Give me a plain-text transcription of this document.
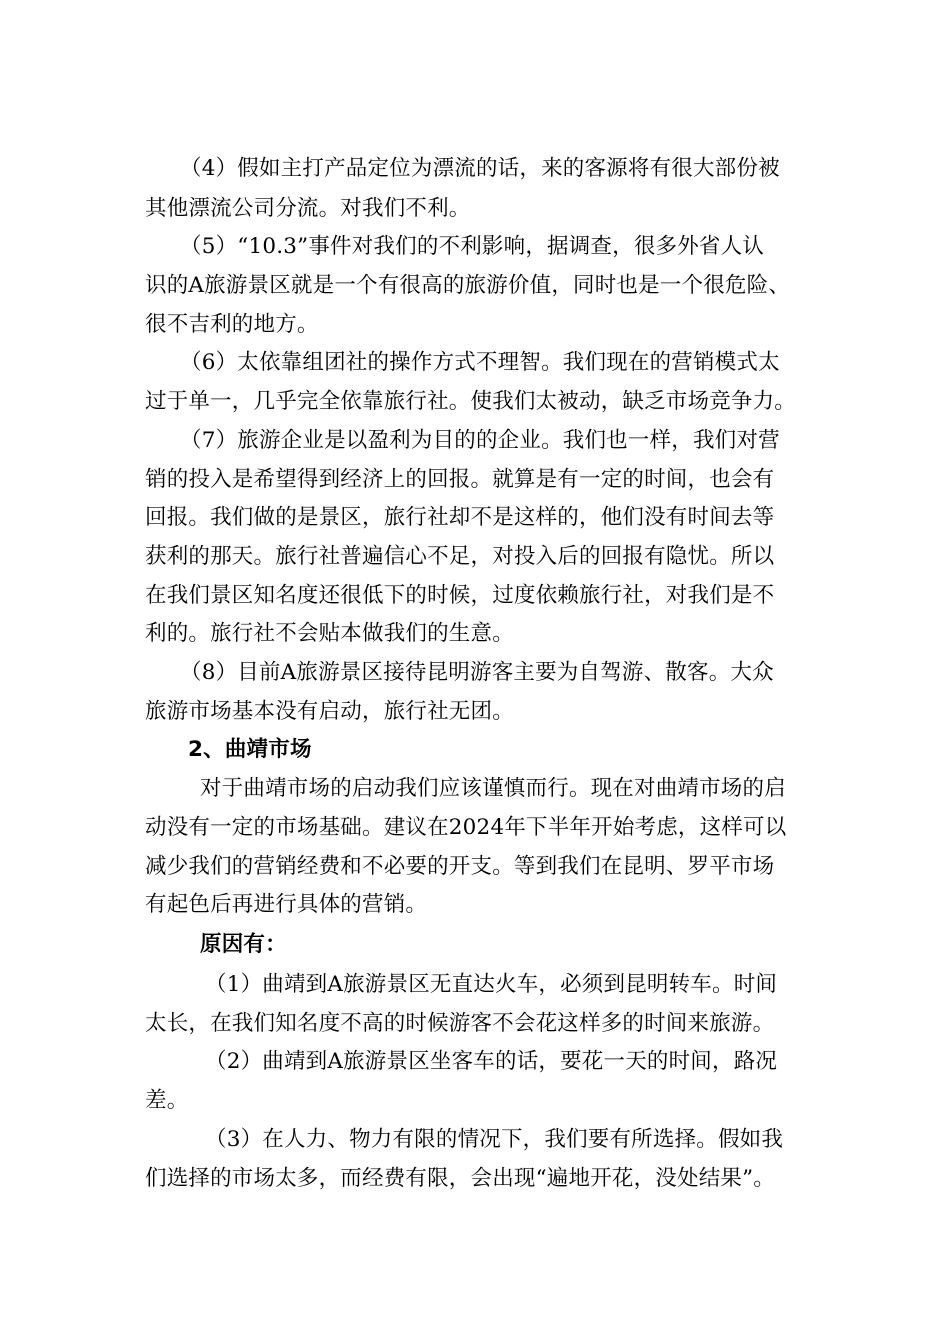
（4）假如主打产品定位为漂流的话，来的客源将有很大部份被
其他漂流公司分流。对我们不利。
（5）“10.3”事件对我们的不利影响，据调查，很多外省人认
识的A旅游景区就是一个有很高的旅游价值，同时也是一个很危险、
很不吉利的地方。
（6）太依靠组团社的操作方式不理智。我们现在的营销模式太
过于单一，几乎完全依靠旅行社。使我们太被动，缺乏市场竞争力。
（7）旅游企业是以盈利为目的的企业。我们也一样，我们对营
销的投入是希望得到经济上的回报。就算是有一定的时间，也会有
回报。我们做的是景区，旅行社却不是这样的，他们没有时间去等
获利的那天。旅行社普遍信心不足，对投入后的回报有隐忧。所以
在我们景区知名度还很低下的时候，过度依赖旅行社，对我们是不
利的。旅行社不会贴本做我们的生意。
（8）目前A旅游景区接待昆明游客主要为自驾游、散客。大众
旅游市场基本没有启动，旅行社无团。
2、曲靖市场
对于曲靖市场的启动我们应该谨慎而行。现在对曲靖市场的启
动没有一定的市场基础。建议在2024年下半年开始考虑，这样可以
减少我们的营销经费和不必要的开支。等到我们在昆明、罗平市场
有起色后再进行具体的营销。
原因有：
（1）曲靖到A旅游景区无直达火车，必须到昆明转车。时间
太长，在我们知名度不高的时候游客不会花这样多的时间来旅游。
（2）曲靖到A旅游景区坐客车的话，要花一天的时间，路况
差。
（3）在人力、物力有限的情况下，我们要有所选择。假如我
们选择的市场太多，而经费有限，会出现“遍地开花，没处结果”。
